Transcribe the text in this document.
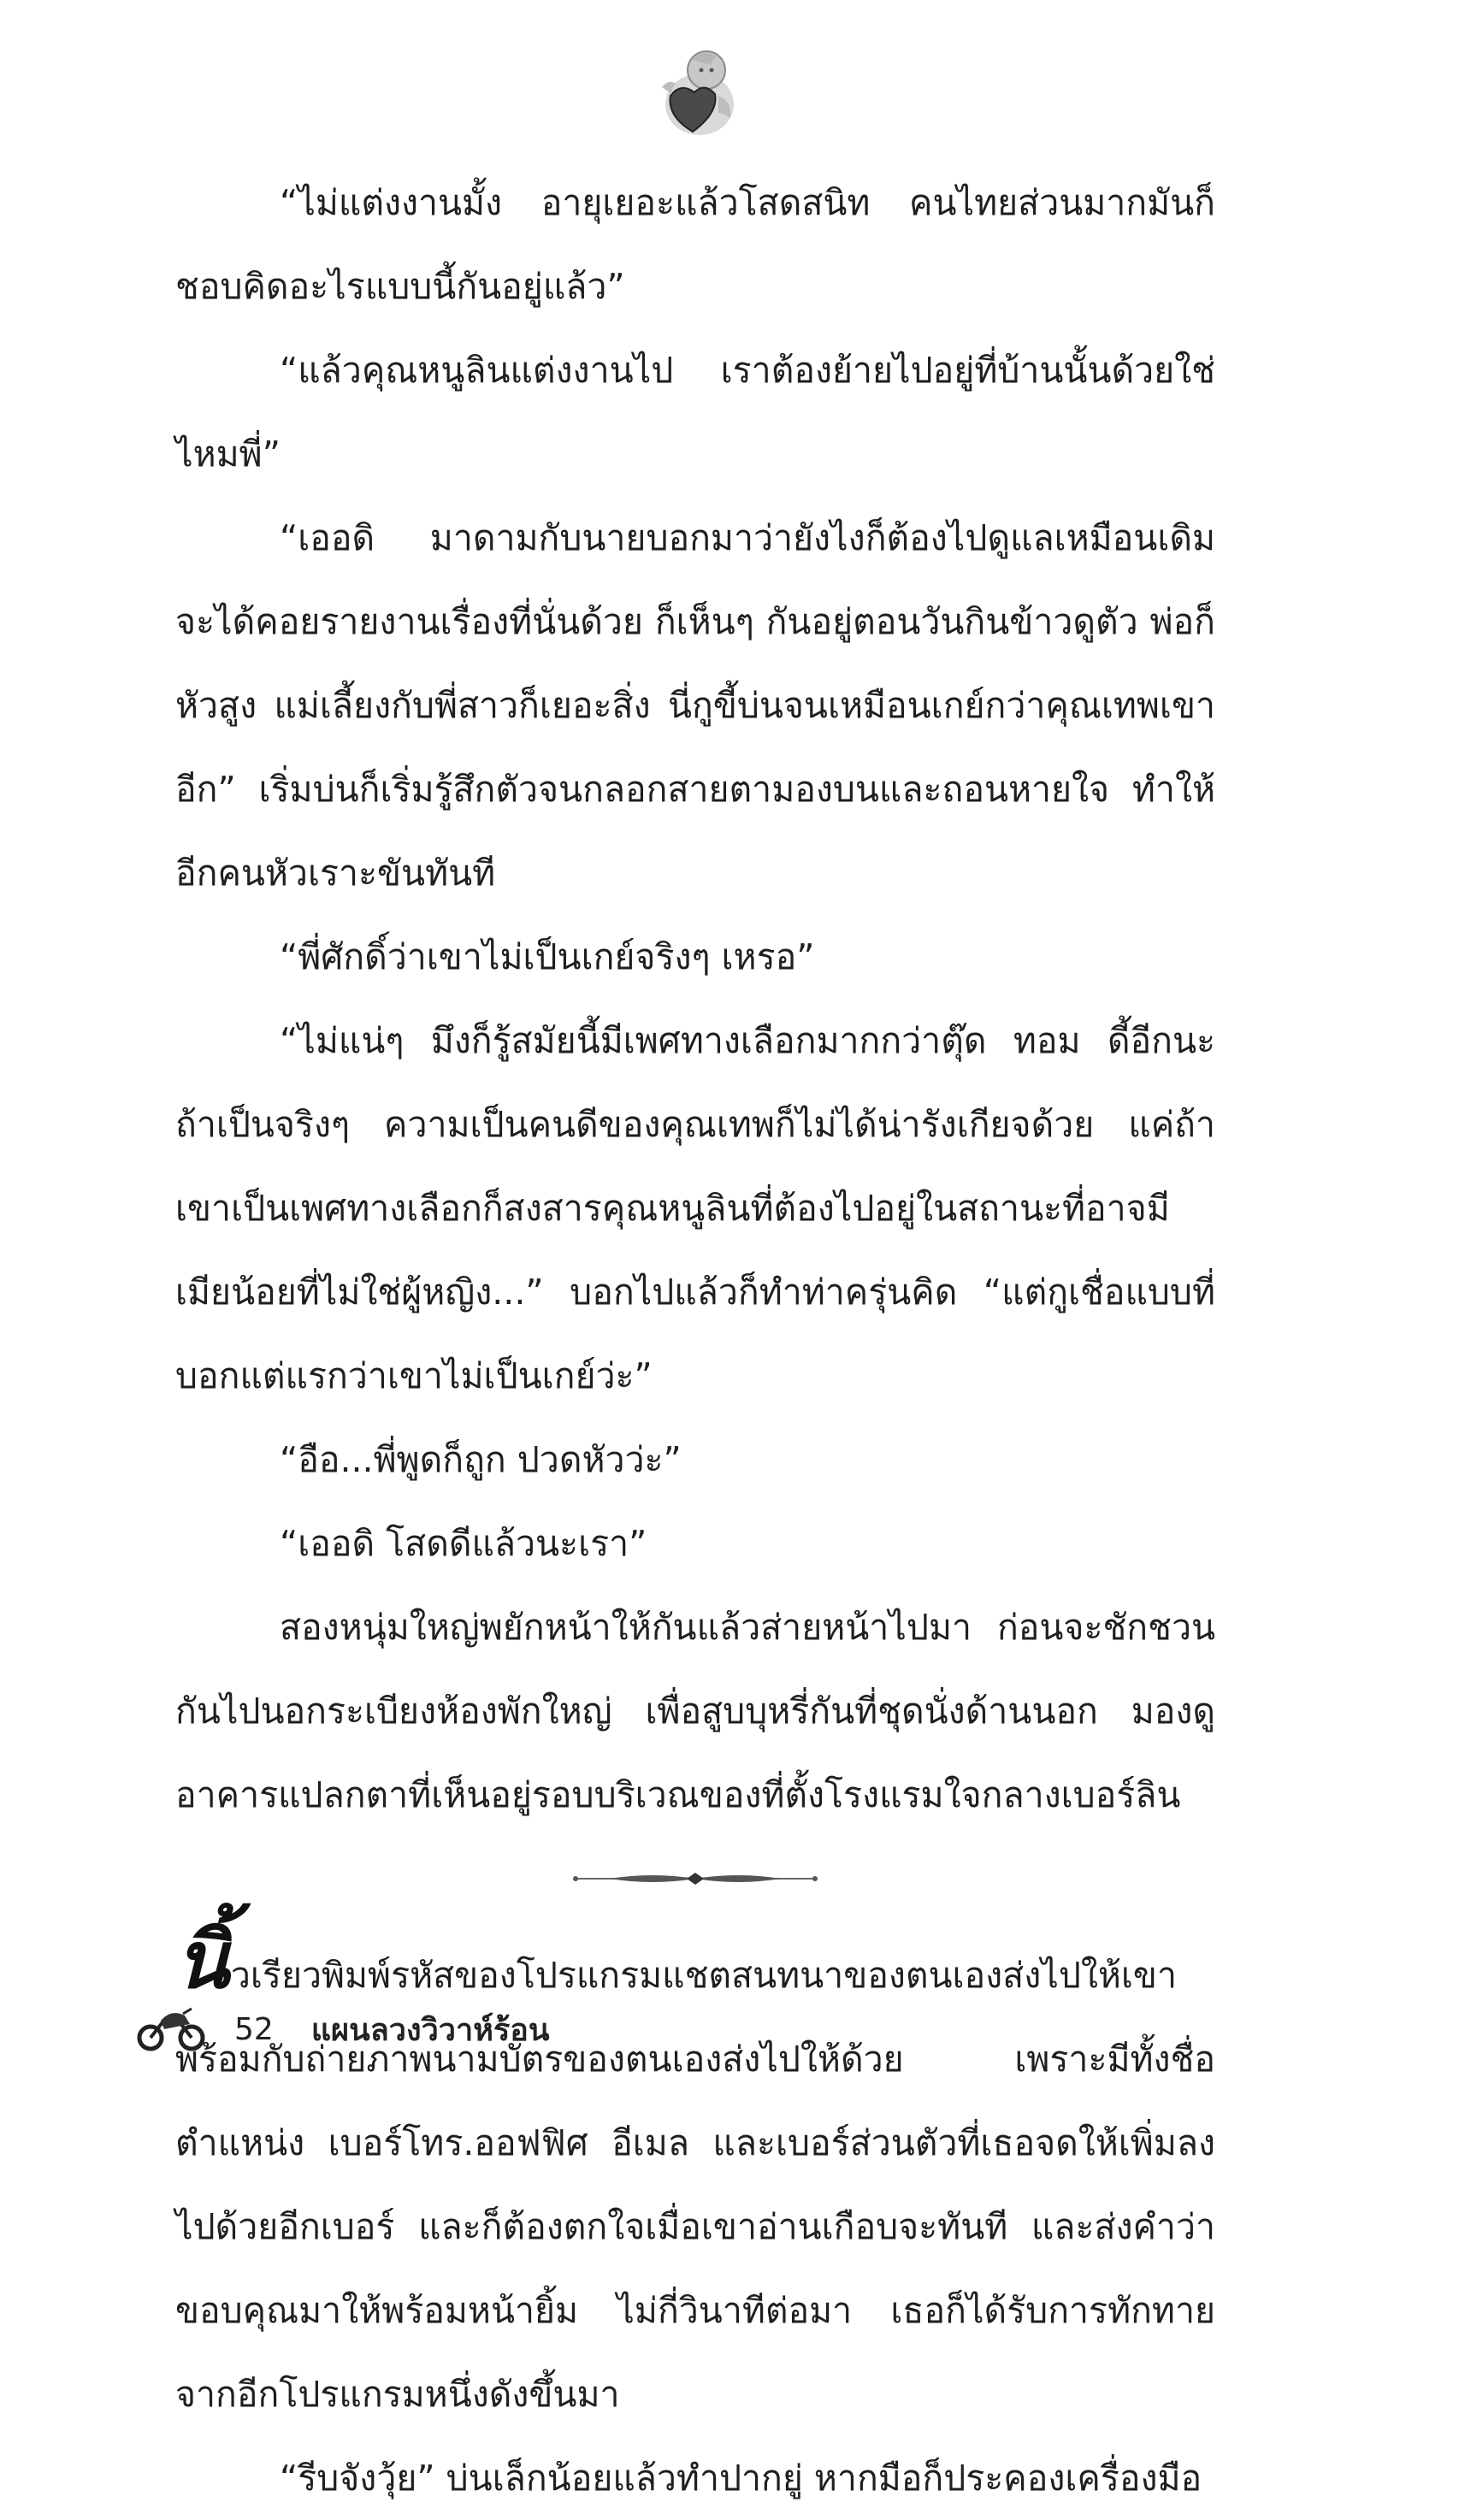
“ไม่แต่งงานมั้ง อายุเยอะแล้วโสดสนิท คนไทยส่วนมากมันก็ชอบคิดอะไรแบบนี้กันอยู่แล้ว”

“แล้วคุณหนูลินแต่งงานไป เราต้องย้ายไปอยู่ที่บ้านนั้นด้วยใช่ไหมพี่”

“เออดิ มาดามกับนายบอกมาว่ายังไงก็ต้องไปดูแลเหมือนเดิม จะได้คอยรายงานเรื่องที่นั่นด้วย ก็เห็นๆ กันอยู่ตอนวันกินข้าวดูตัว พ่อก็หัวสูง แม่เลี้ยงกับพี่สาวก็เยอะสิ่ง นี่กูขี้บ่นจนเหมือนเกย์กว่าคุณเทพเขาอีก” เริ่มบ่นก็เริ่มรู้สึกตัวจนกลอกสายตามองบนและถอนหายใจ ทำให้อีกคนหัวเราะขันทันที

“พี่ศักดิ์ว่าเขาไม่เป็นเกย์จริงๆ เหรอ”

“ไม่แน่ๆ มึงก็รู้สมัยนี้มีเพศทางเลือกมากกว่าตุ๊ด ทอม ดี้อีกนะ ถ้าเป็นจริงๆ ความเป็นคนดีของคุณเทพก็ไม่ได้น่ารังเกียจด้วย แค่ถ้าเขาเป็นเพศทางเลือกก็สงสารคุณหนูลินที่ต้องไปอยู่ในสถานะที่อาจมีเมียน้อยที่ไม่ใช่ผู้หญิง...” บอกไปแล้วก็ทำท่าครุ่นคิด “แต่กูเชื่อแบบที่บอกแต่แรกว่าเขาไม่เป็นเกย์ว่ะ”

“อือ...พี่พูดก็ถูก ปวดหัวว่ะ”

“เออดิ โสดดีแล้วนะเรา”

สองหนุ่มใหญ่พยักหน้าให้กันแล้วส่ายหน้าไปมา ก่อนจะชักชวนกันไปนอกระเบียงห้องพักใหญ่ เพื่อสูบบุหรี่กันที่ชุดนั่งด้านนอก มองดูอาคารแปลกตาที่เห็นอยู่รอบบริเวณของที่ตั้งโรงแรมใจกลางเบอร์ลิน

นิ้วเรียวพิมพ์รหัสของโปรแกรมแชตสนทนาของตนเองส่งไปให้เขา พร้อมกับถ่ายภาพนามบัตรของตนเองส่งไปให้ด้วย เพราะมีทั้งชื่อ ตำแหน่ง เบอร์โทร.ออฟฟิศ อีเมล และเบอร์ส่วนตัวที่เธอจดให้เพิ่มลงไปด้วยอีกเบอร์ และก็ต้องตกใจเมื่อเขาอ่านเกือบจะทันที และส่งคำว่าขอบคุณมาให้พร้อมหน้ายิ้ม ไม่กี่วินาทีต่อมา เธอก็ได้รับการทักทายจากอีกโปรแกรมหนึ่งดังขึ้นมา

“รีบจังวุ้ย” บ่นเล็กน้อยแล้วทำปากยู่ หากมือก็ประคองเครื่องมือ

52 แผนลวงวิวาห์ร้อน
